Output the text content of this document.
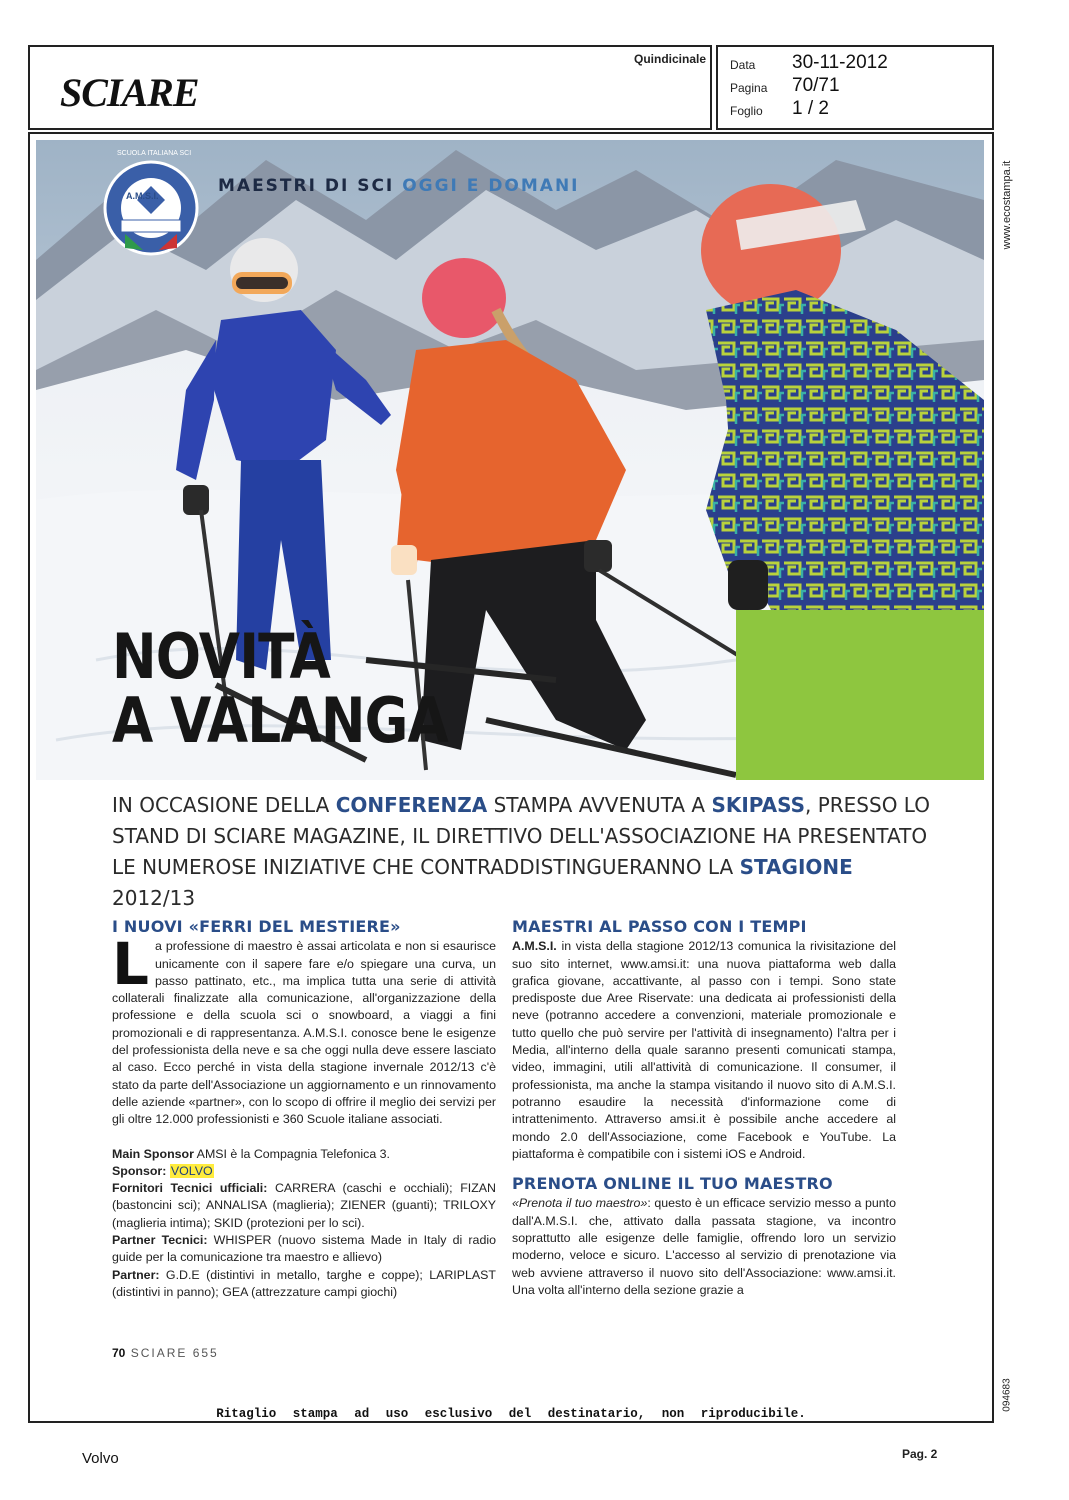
SCIARE
Quindicinale Data 30-11-2012
Pagina 70/71
Foglio 1 / 2
www.ecostampa.it
094683
A.M.S.I.
SCUOLA ITALIANA SCI
MAESTRI DI SCI OGGI E DOMANI
NOVITÀ
A VALANGA
IN OCCASIONE DELLA CONFERENZA STAMPA AVVENUTA A SKIPASS, PRESSO LO STAND DI SCIARE MAGAZINE, IL DIRETTIVO DELL'ASSOCIAZIONE HA PRESENTATO LE NUMEROSE INIZIATIVE CHE CONTRADDISTINGUERANNO LA STAGIONE 2012/13
I NUOVI «FERRI DEL MESTIERE»

La professione di maestro è assai articolata e non si esaurisce unicamente con il sapere fare e/o spiegare una curva, un passo pattinato, etc., ma implica tutta una serie di attività collaterali finalizzate alla comunicazione, all'organizzazione della professione e della scuola sci o snowboard, a viaggi a fini promozionali e di rappresentanza. A.M.S.I. conosce bene le esigenze del professionista della neve e sa che oggi nulla deve essere lasciato al caso. Ecco perché in vista della stagione invernale 2012/13 c'è stato da parte dell'Associazione un aggiornamento e un rinnovamento delle aziende «partner», con lo scopo di offrire il meglio dei servizi per gli oltre 12.000 professionisti e 360 Scuole italiane associati.

Main Sponsor AMSI è la Compagnia Telefonica 3.

Sponsor: VOLVO

Fornitori Tecnici ufficiali: CARRERA (caschi e occhiali); FIZAN (bastoncini sci); ANNALISA (maglieria); ZIENER (guanti); TRILOXY (maglieria intima); SKID (protezioni per lo sci).

Partner Tecnici: WHISPER (nuovo sistema Made in Italy di radio guide per la comunicazione tra maestro e allievo)

Partner: G.D.E (distintivi in metallo, targhe e coppe); LARIPLAST (distintivi in panno); GEA (attrezzature campi giochi)

MAESTRI AL PASSO CON I TEMPI

A.M.S.I. in vista della stagione 2012/13 comunica la rivisitazione del suo sito internet, www.amsi.it: una nuova piattaforma web dalla grafica giovane, accattivante, al passo con i tempi. Sono state predisposte due Aree Riservate: una dedicata ai professionisti della neve (potranno accedere a convenzioni, materiale promozionale e tutto quello che può servire per l'attività di insegnamento) l'altra per i Media, all'interno della quale saranno presenti comunicati stampa, video, immagini, utili all'attività di comunicazione. Il consumer, il professionista, ma anche la stampa visitando il nuovo sito di A.M.S.I. potranno esaudire la necessità d'informazione come di intrattenimento. Attraverso amsi.it è possibile anche accedere al mondo 2.0 dell'Associazione, come Facebook e YouTube. La piattaforma è compatibile con i sistemi iOS e Android.

PRENOTA ONLINE IL TUO MAESTRO

«Prenota il tuo maestro»: questo è un efficace servizio messo a punto dall'A.M.S.I. che, attivato dalla passata stagione, va incontro soprattutto alle esigenze delle famiglie, offrendo loro un servizio moderno, veloce e sicuro. L'accesso al servizio di prenotazione via web avviene attraverso il nuovo sito dell'Associazione: www.amsi.it. Una volta all'interno della sezione grazie a

70 SCIARE 655
Ritaglio stampa ad uso esclusivo del destinatario, non riproducibile.
Volvo	Pag. 2
